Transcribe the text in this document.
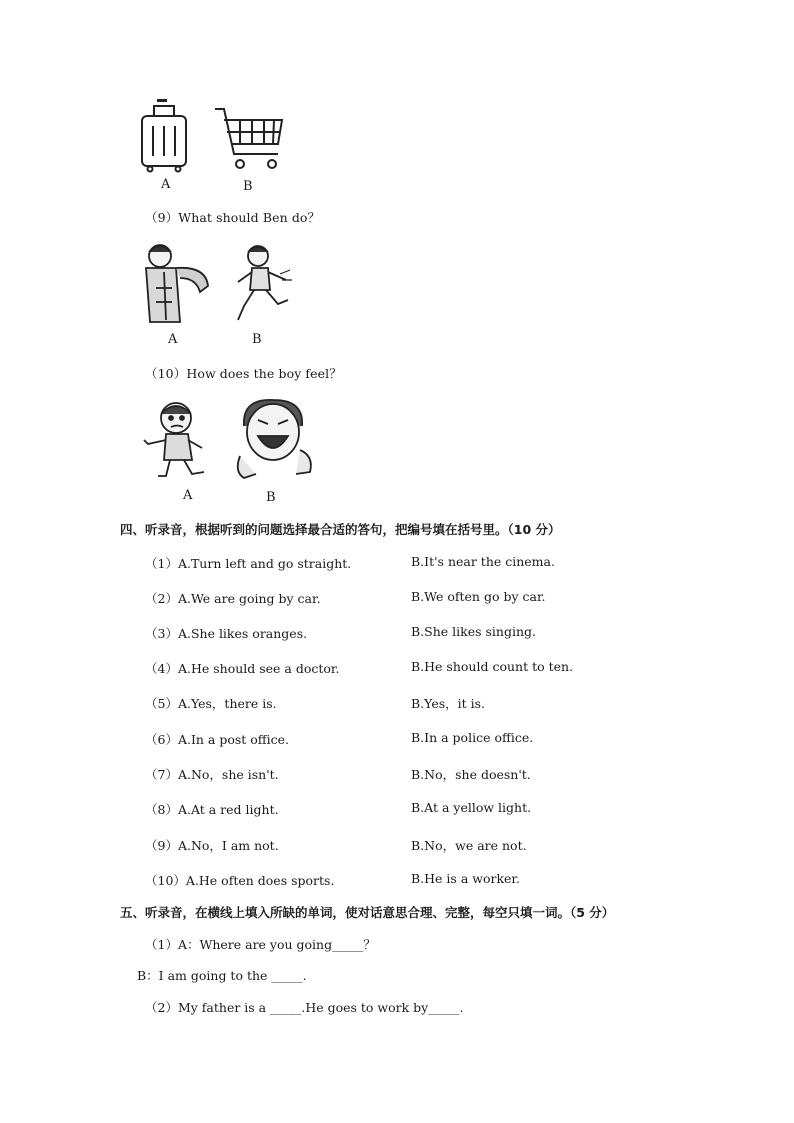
A	B
（9）What should Ben do？
A	B
（10）How does the boy feel？
A	B
四、听录音，根据听到的问题选择最合适的答句，把编号填在括号里。（10 分）
（1）A.Turn left and go straight.	B.It's near the cinema.
（2）A.We are going by car.	B.We often go by car.
（3）A.She likes oranges.	B.She likes singing.
（4）A.He should see a doctor.	B.He should count to ten.
（5）A.Yes，there is.	B.Yes，it is.
（6）A.In a post office.	B.In a police office.
（7）A.No，she isn't.	B.No，she doesn't.
（8）A.At a red light.	B.At a yellow light.
（9）A.No，I am not.	B.No，we are not.
（10）A.He often does sports.	B.He is a worker.
五、听录音，在横线上填入所缺的单词，使对话意思合理、完整，每空只填一词。（5 分）
（1）A：Where are you going_____？
B：I am going to the _____.
（2）My father is a _____.He goes to work by_____.
